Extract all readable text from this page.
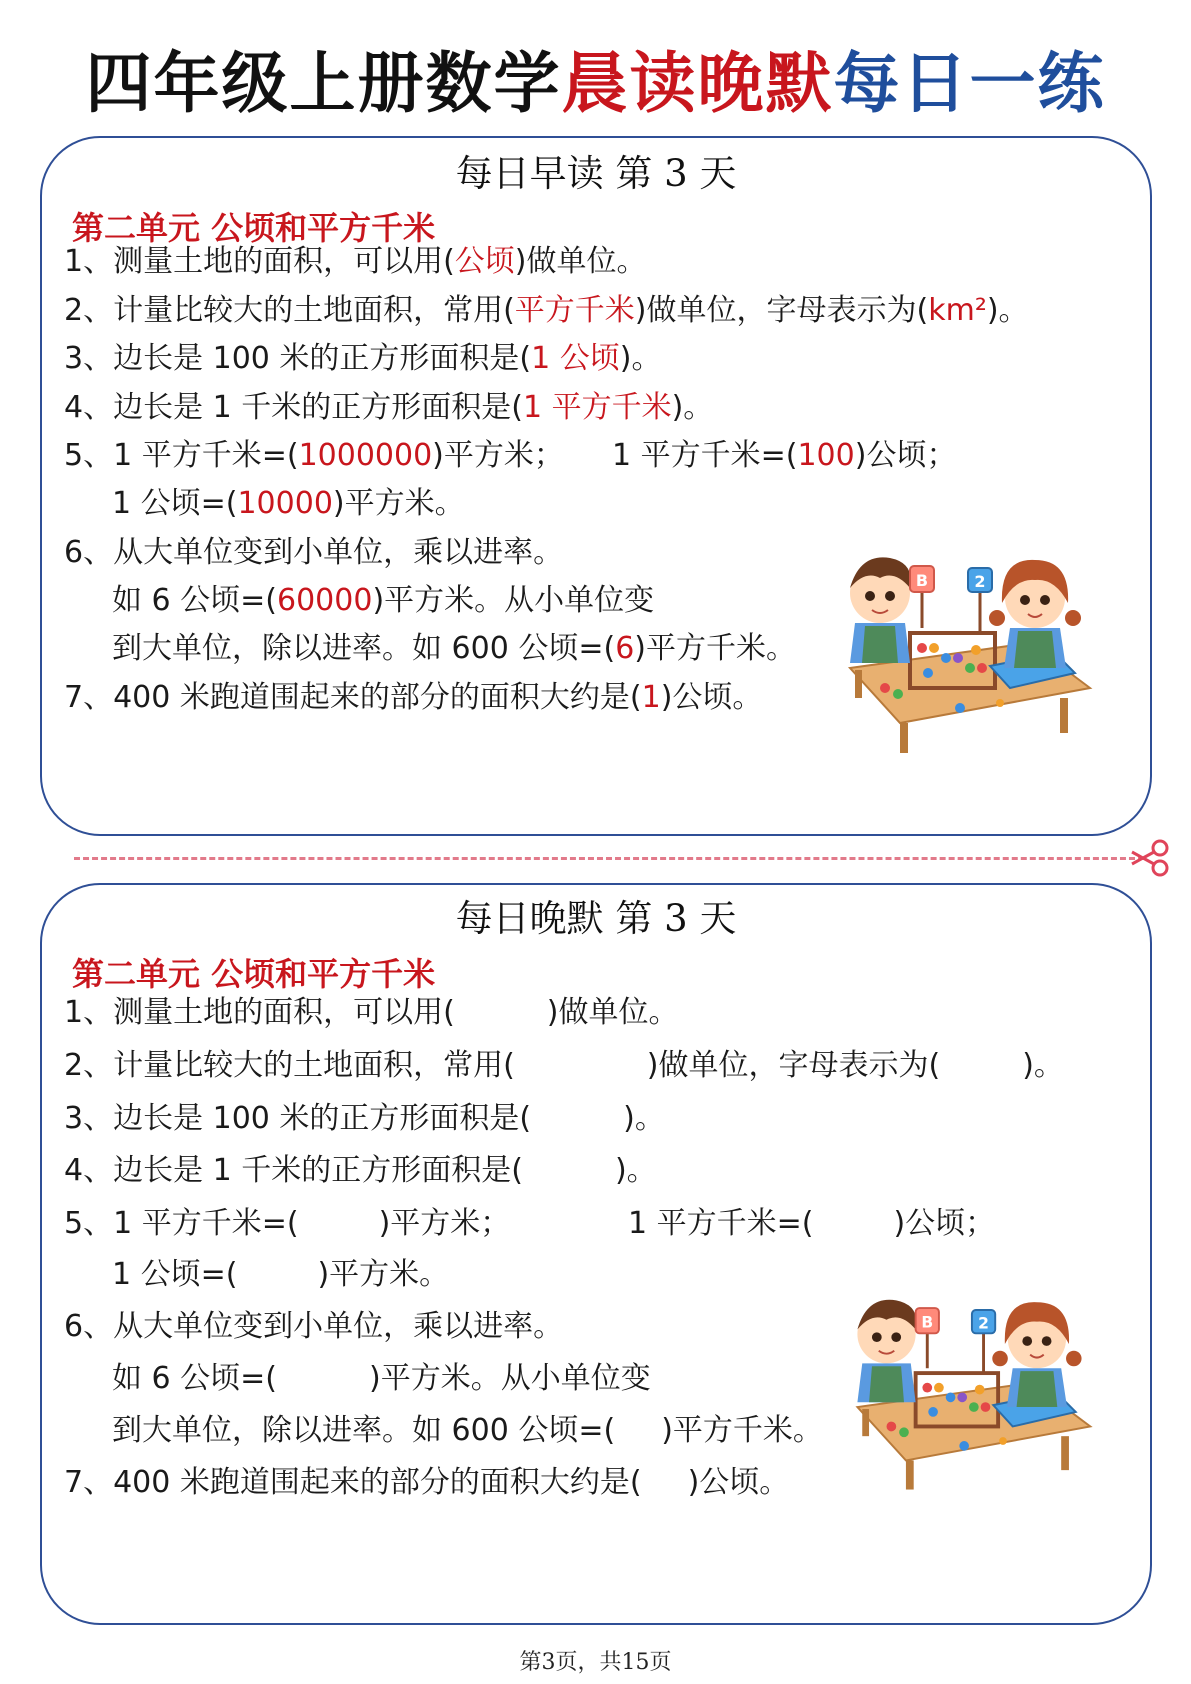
四年级上册数学晨读晚默每日一练
每日早读 第 3 天
第二单元 公顷和平方千米
1、测量土地的面积，可以用(公顷)做单位。
2、计量比较大的土地面积，常用(平方千米)做单位，字母表示为(km²)。
3、边长是 100 米的正方形面积是(1 公顷)。
4、边长是 1 千米的正方形面积是(1 平方千米)。
5、1 平方千米=(1000000)平方米； 1 平方千米=(100)公顷；
1 公顷=(10000)平方米。
6、从大单位变到小单位，乘以进率。
如 6 公顷=(60000)平方米。从小单位变
到大单位，除以进率。如 600 公顷=(6)平方千米。
7、400 米跑道围起来的部分的面积大约是(1)公顷。
B	2
每日晚默 第 3 天
第二单元 公顷和平方千米
1、测量土地的面积，可以用(	)做单位。
2、计量比较大的土地面积，常用(	)做单位，字母表示为(	)。
3、边长是 100 米的正方形面积是(	)。
4、边长是 1 千米的正方形面积是(	)。
5、1 平方千米=(	)平方米；	1 平方千米=(	)公顷；
1 公顷=(	)平方米。
6、从大单位变到小单位，乘以进率。
如 6 公顷=(	)平方米。从小单位变
到大单位，除以进率。如 600 公顷=( )平方千米。
7、400 米跑道围起来的部分的面积大约是( )公顷。
B	2
第3页，共15页
